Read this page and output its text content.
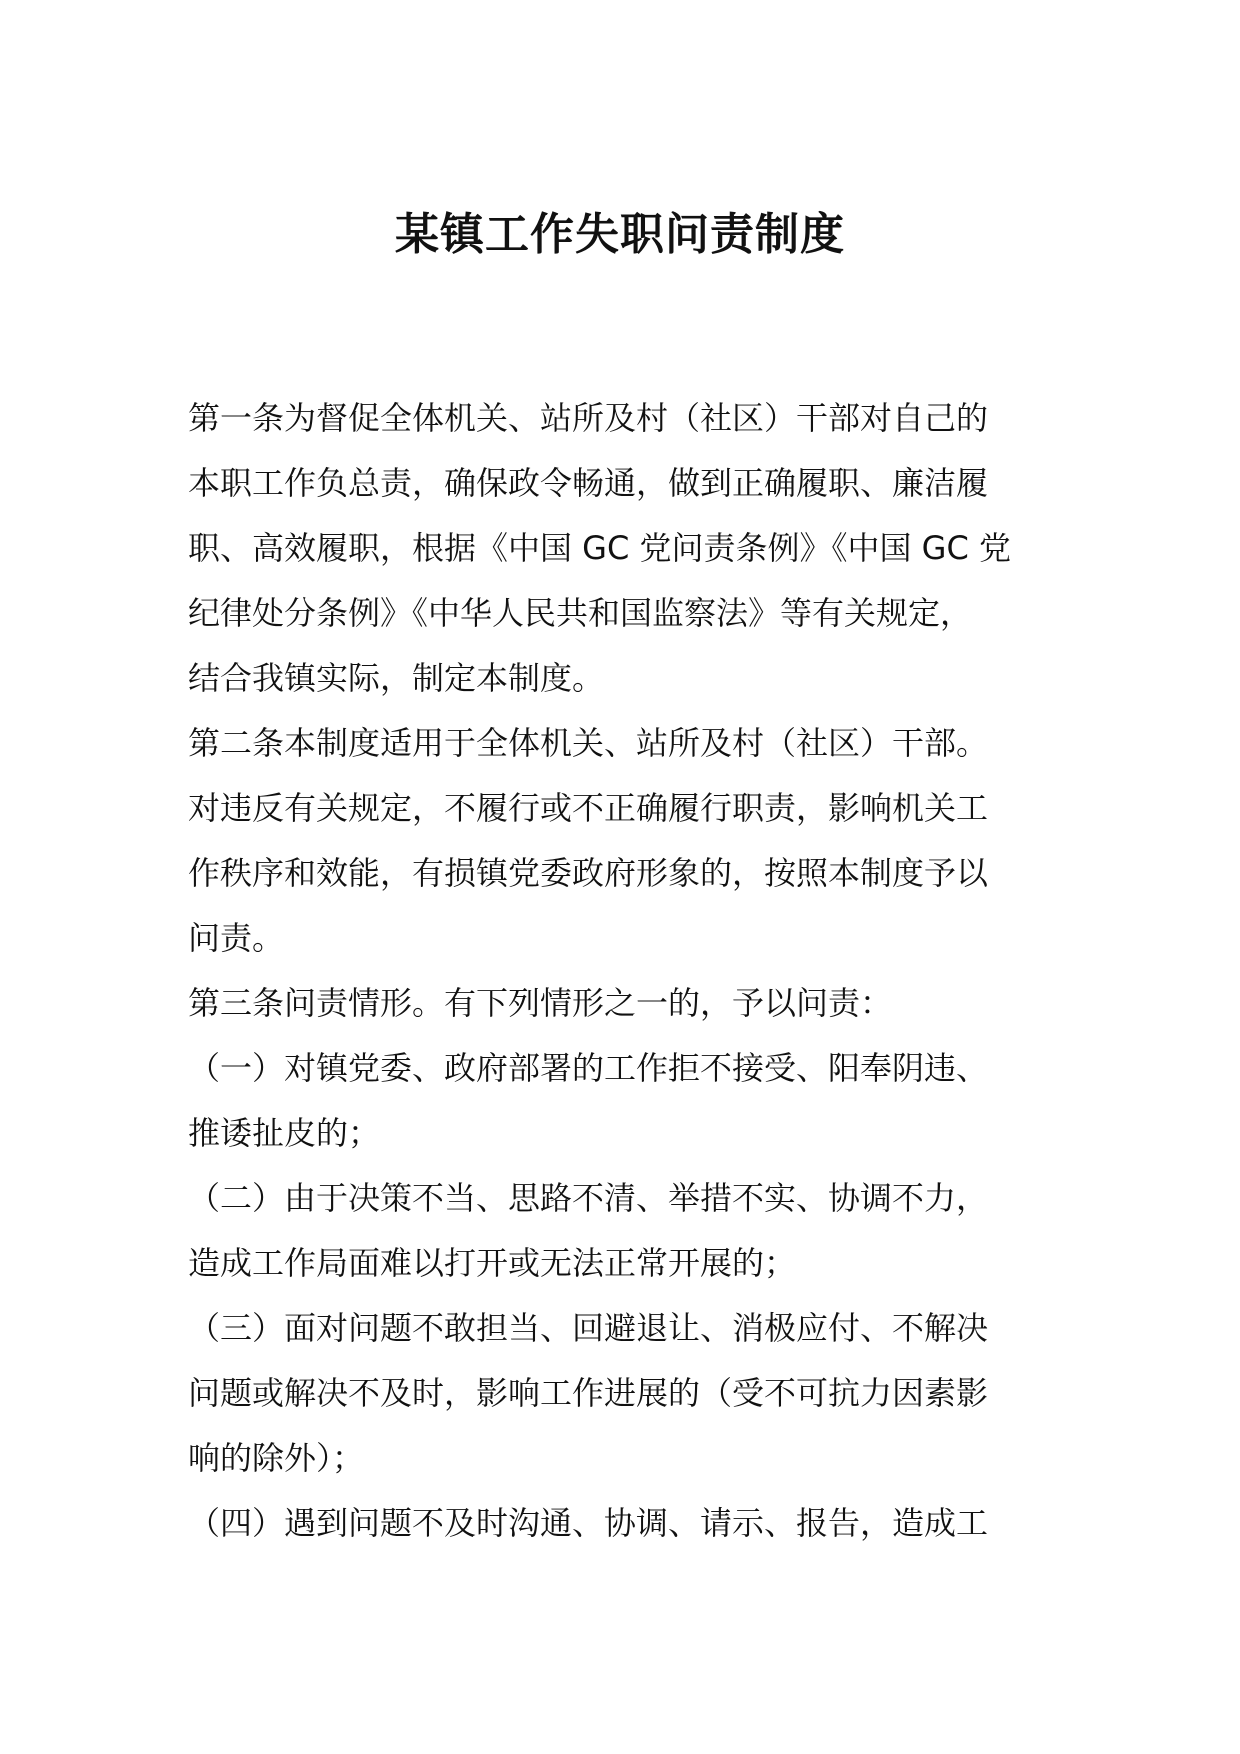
某镇工作失职问责制度

第一条为督促全体机关、站所及村（社区）干部对自己的
本职工作负总责，确保政令畅通，做到正确履职、廉洁履
职、高效履职，根据《中国 GC 党问责条例》《中国 GC 党
纪律处分条例》《中华人民共和国监察法》等有关规定，
结合我镇实际，制定本制度。

第二条本制度适用于全体机关、站所及村（社区）干部。
对违反有关规定，不履行或不正确履行职责，影响机关工
作秩序和效能，有损镇党委政府形象的，按照本制度予以
问责。

第三条问责情形。有下列情形之一的，予以问责：

（一）对镇党委、政府部署的工作拒不接受、阳奉阴违、
推诿扯皮的；

（二）由于决策不当、思路不清、举措不实、协调不力，
造成工作局面难以打开或无法正常开展的；

（三）面对问题不敢担当、回避退让、消极应付、不解决
问题或解决不及时，影响工作进展的（受不可抗力因素影
响的除外）；

（四）遇到问题不及时沟通、协调、请示、报告，造成工
